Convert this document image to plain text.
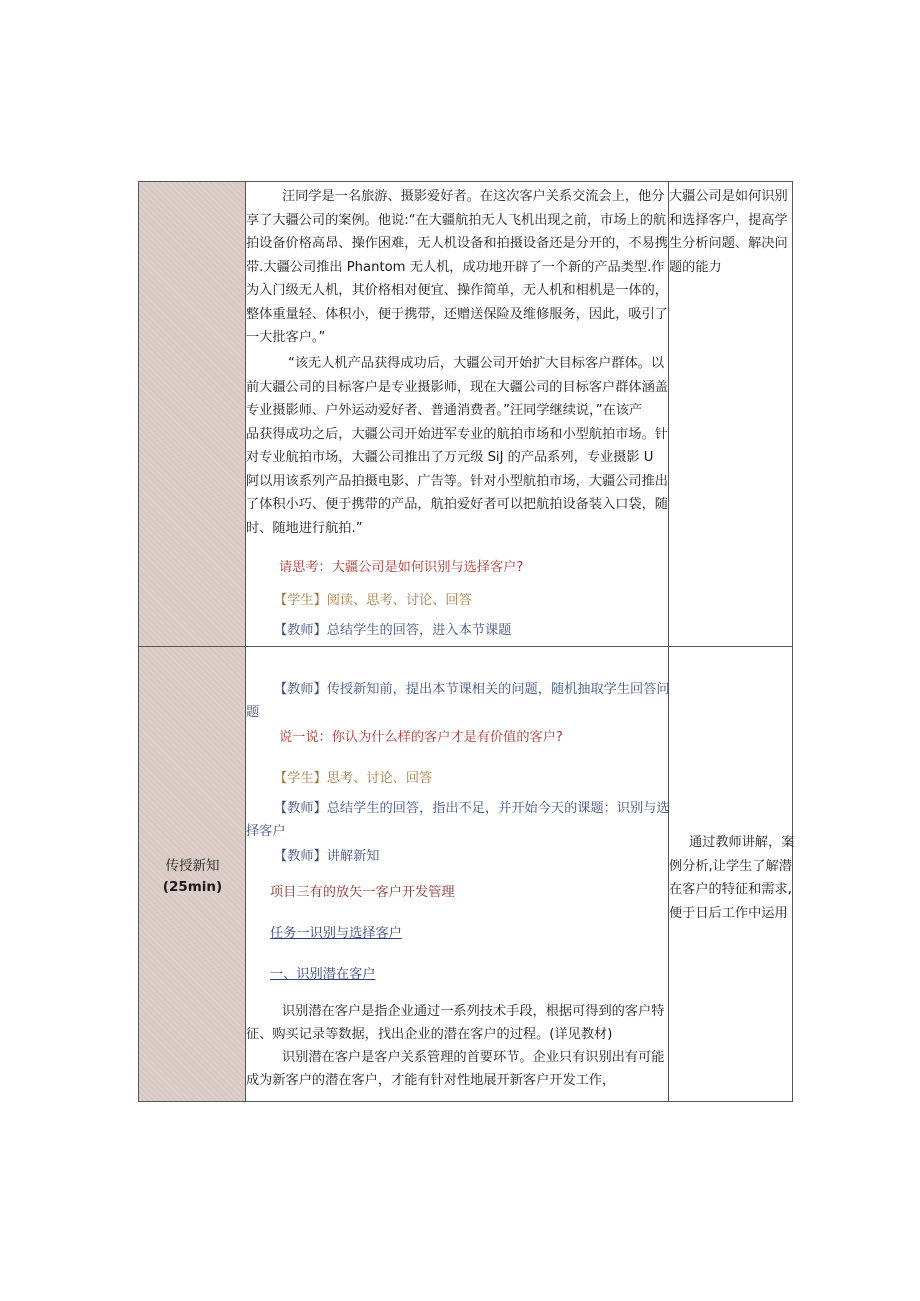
汪同学是一名旅游、摄影爱好者。在这次客户关系交流会上，他分
享了大疆公司的案例。他说:“在大疆航拍无人飞机出现之前，市场上的航
拍设备价格高昂、操作困难，无人机设备和拍摄设备还是分开的，不易携
带.大疆公司推出 Phantom 无人机，成功地开辟了一个新的产品类型.作
为入门级无人机，其价格相对便宜、操作简单，无人机和相机是一体的，
整体重量轻、体积小，便于携带，还赠送保险及维修服务，因此，吸引了
一大批客户。”
“该无人机产品获得成功后，大疆公司开始扩大目标客户群体。以
前大疆公司的目标客户是专业摄影师，现在大疆公司的目标客户群体涵盖
专业摄影师、户外运动爱好者、普通消费者。”汪同学继续说，”在该产
品获得成功之后，大疆公司开始进军专业的航拍市场和小型航拍市场。针
对专业航拍市场，大疆公司推出了万元级 SiJ 的产品系列，专业摄影 U
阿以用该系列产品拍摄电影、广告等。针对小型航拍市场，大疆公司推出
了体积小巧、便于携带的产品，航拍爱好者可以把航拍设备装入口袋，随
时、随地进行航拍.”
请思考：大疆公司是如何识别与选择客户?
【学生】阅读、思考、讨论、回答
【教师】总结学生的回答，进入本节课题
大疆公司是如何识别
和选择客户，提高学
生分析问题、解决问
题的能力
传授新知
(25min)
【教师】传授新知前，提出本节课相关的问题，随机抽取学生回答问
题
说一说：你认为什么样的客户才是有价值的客户?
【学生】思考、讨论、回答
【教师】总结学生的回答，指出不足，并开始今天的课题：识别与选
择客户
【教师】讲解新知
项目三有的放矢一客户开发管理
任务一识别与选择客户
一、识别潜在客户
识别潜在客户是指企业通过一系列技术手段，根据可得到的客户特
征、购买记录等数据，找出企业的潜在客户的过程。(详见教材)
识别潜在客户是客户关系管理的首要环节。企业只有识别出有可能
成为新客户的潜在客户，才能有针对性地展开新客户开发工作，
通过教师讲解，案
例分析,让学生了解潜
在客户的特征和需求,
便于日后工作中运用
